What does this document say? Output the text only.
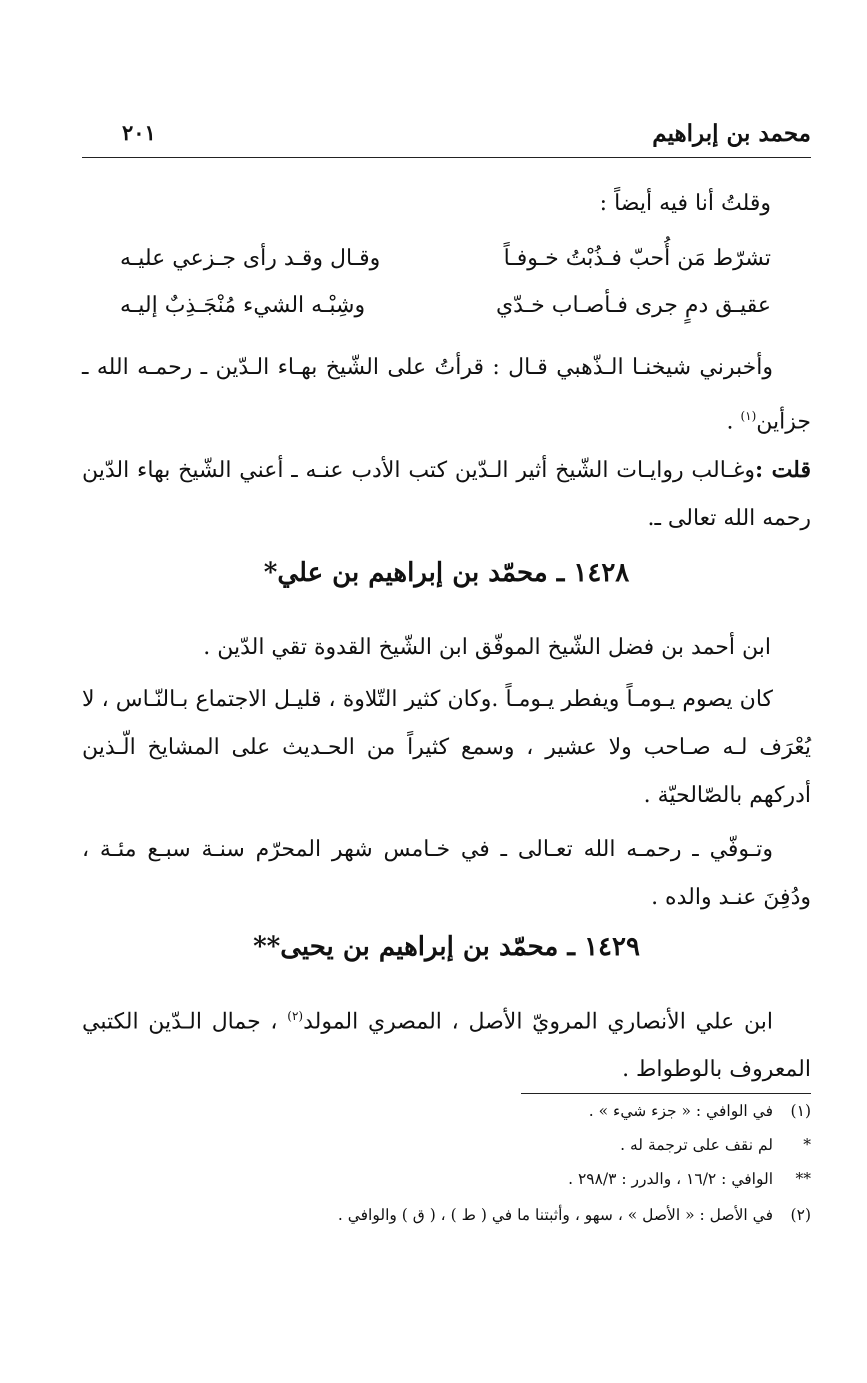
محمد بن إبراهيم
٢٠١
وقلتُ أنا فيه أيضاً :
تشرّط مَن أُحبّ فـذُبْتُ خـوفـاً
وقـال وقـد رأى جـزعي عليـه
عقيـق دمٍ جرى فـأصـاب خـدّي
وشِبْـه الشيء مُنْجَـذِبٌ إليـه
وأخبرني شيخنـا الـذّهبي قـال : قرأتُ على الشّيخ بهـاء الـدّين ـ رحمـه الله ـ جزأين$^{(١)}$ .
قلت :وغـالب روايـات الشّيخ أثير الـدّين كتب الأدب عنـه ـ أعني الشّيخ بهاء الدّين رحمه الله تعالى ـ.
١٤٢٨ ـ محمّد بن إبراهيم بن علي*
ابن أحمد بن فضل الشّيخ الموفّق ابن الشّيخ القدوة تقي الدّين .
كان يصوم يـومـاً ويفطر يـومـاً .وكان كثير التّلاوة ، قليـل الاجتماع بـالنّـاس ، لا يُعْرَف لـه صـاحب ولا عشير ، وسمع كثيراً من الحـديث على المشايخ الّـذين أدركهم بالصّالحيّة .
وتـوفّي ـ رحمـه الله تعـالى ـ في خـامس شهر المحرّم سنـة سبـع مئـة ، ودُفِنَ عنـد والده .
١٤٢٩ ـ محمّد بن إبراهيم بن يحيى**
ابن علي الأنصاري المرويّ الأصل ، المصري المولد$^{(٢)}$ ، جمال الـدّين الكتبي المعروف بالوطواط .
(١)في الوافي : « جزء شيء » .
*لم نقف على ترجمة له .
**الوافي : ١٦/٢ ، والدرر : ٢٩٨/٣ .
(٢)في الأصل : « الأصل » ، سهو ، وأثبتنا ما في ( ط ) ، ( ق ) والوافي .
